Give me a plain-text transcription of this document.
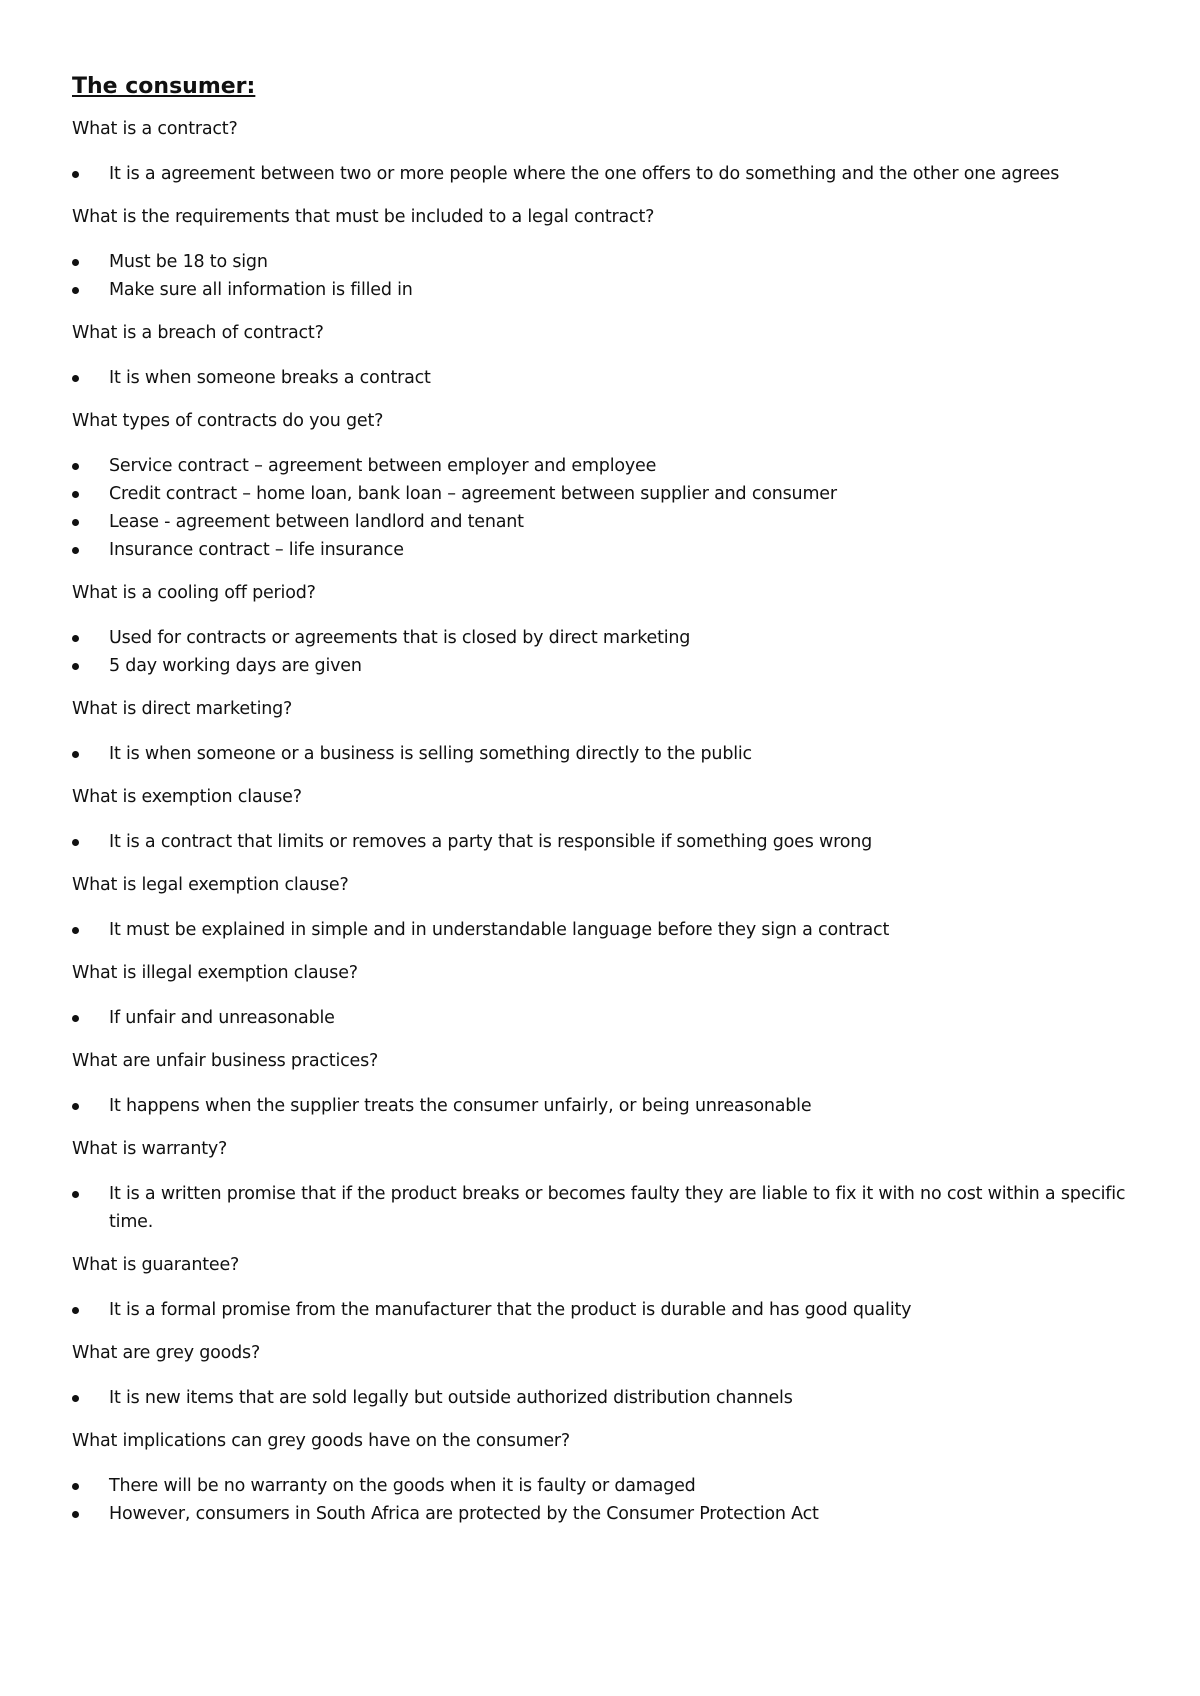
The consumer:

What is a contract?

It is a agreement between two or more people where the one offers to do something and the other one agrees

What is the requirements that must be included to a legal contract?

Must be 18 to sign
Make sure all information is filled in

What is a breach of contract?

It is when someone breaks a contract

What types of contracts do you get?

Service contract – agreement between employer and employee
Credit contract – home loan, bank loan – agreement between supplier and consumer
Lease - agreement between landlord and tenant
Insurance contract – life insurance

What is a cooling off period?

Used for contracts or agreements that is closed by direct marketing
5 day working days are given

What is direct marketing?

It is when someone or a business is selling something directly to the public

What is exemption clause?

It is a contract that limits or removes a party that is responsible if something goes wrong

What is legal exemption clause?

It must be explained in simple and in understandable language before they sign a contract

What is illegal exemption clause?

If unfair and unreasonable

What are unfair business practices?

It happens when the supplier treats the consumer unfairly, or being unreasonable

What is warranty?

It is a written promise that if the product breaks or becomes faulty they are liable to fix it with no cost within a specific time.

What is guarantee?

It is a formal promise from the manufacturer that the product is durable and has good quality

What are grey goods?

It is new items that are sold legally but outside authorized distribution channels

What implications can grey goods have on the consumer?

There will be no warranty on the goods when it is faulty or damaged
However, consumers in South Africa are protected by the Consumer Protection Act
